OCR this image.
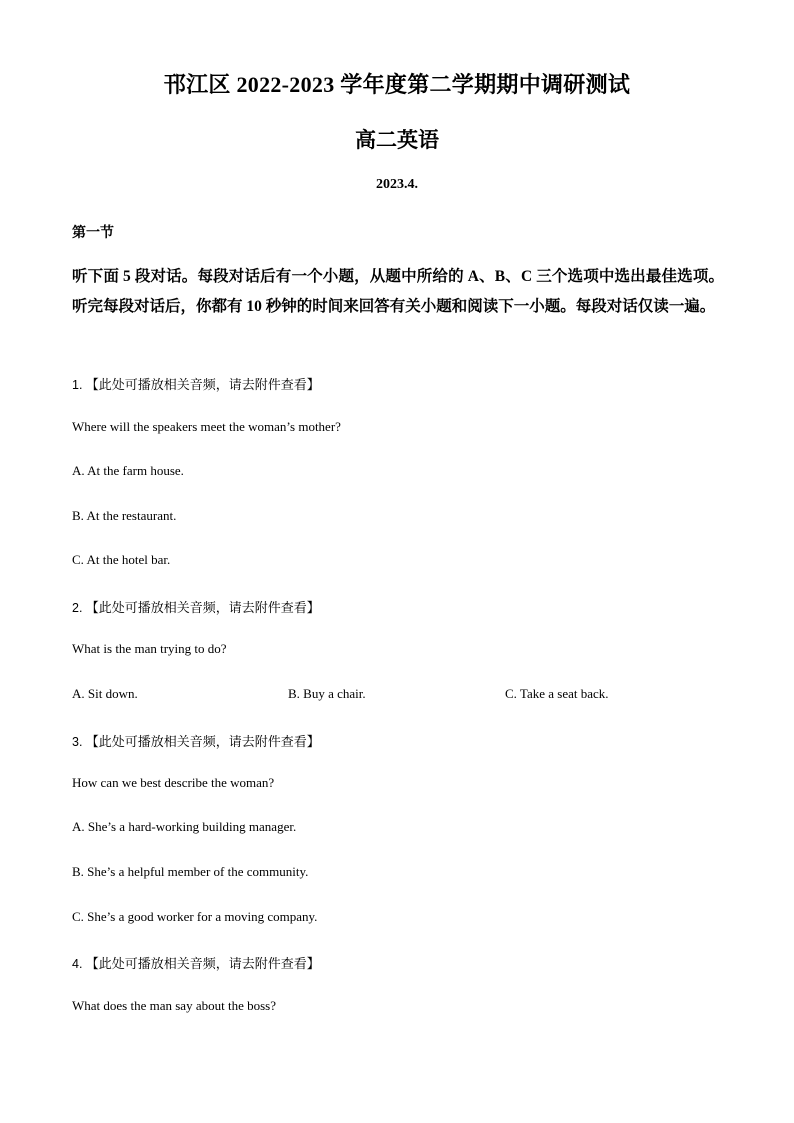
邗江区 2022-2023 学年度第二学期期中调研测试
高二英语
2023.4.
第一节
听下面 5 段对话。每段对话后有一个小题，从题中所给的 A、B、C 三个选项中选出最佳选项。听完每段对话后，你都有 10 秒钟的时间来回答有关小题和阅读下一小题。每段对话仅读一遍。
1. 【此处可播放相关音频，请去附件查看】
Where will the speakers meet the woman’s mother?
A. At the farm house.
B. At the restaurant.
C. At the hotel bar.
2. 【此处可播放相关音频，请去附件查看】
What is the man trying to do?
A. Sit down.	B. Buy a chair.	C. Take a seat back.
3. 【此处可播放相关音频，请去附件查看】
How can we best describe the woman?
A. She’s a hard-working building manager.
B. She’s a helpful member of the community.
C. She’s a good worker for a moving company.
4. 【此处可播放相关音频，请去附件查看】
What does the man say about the boss?
